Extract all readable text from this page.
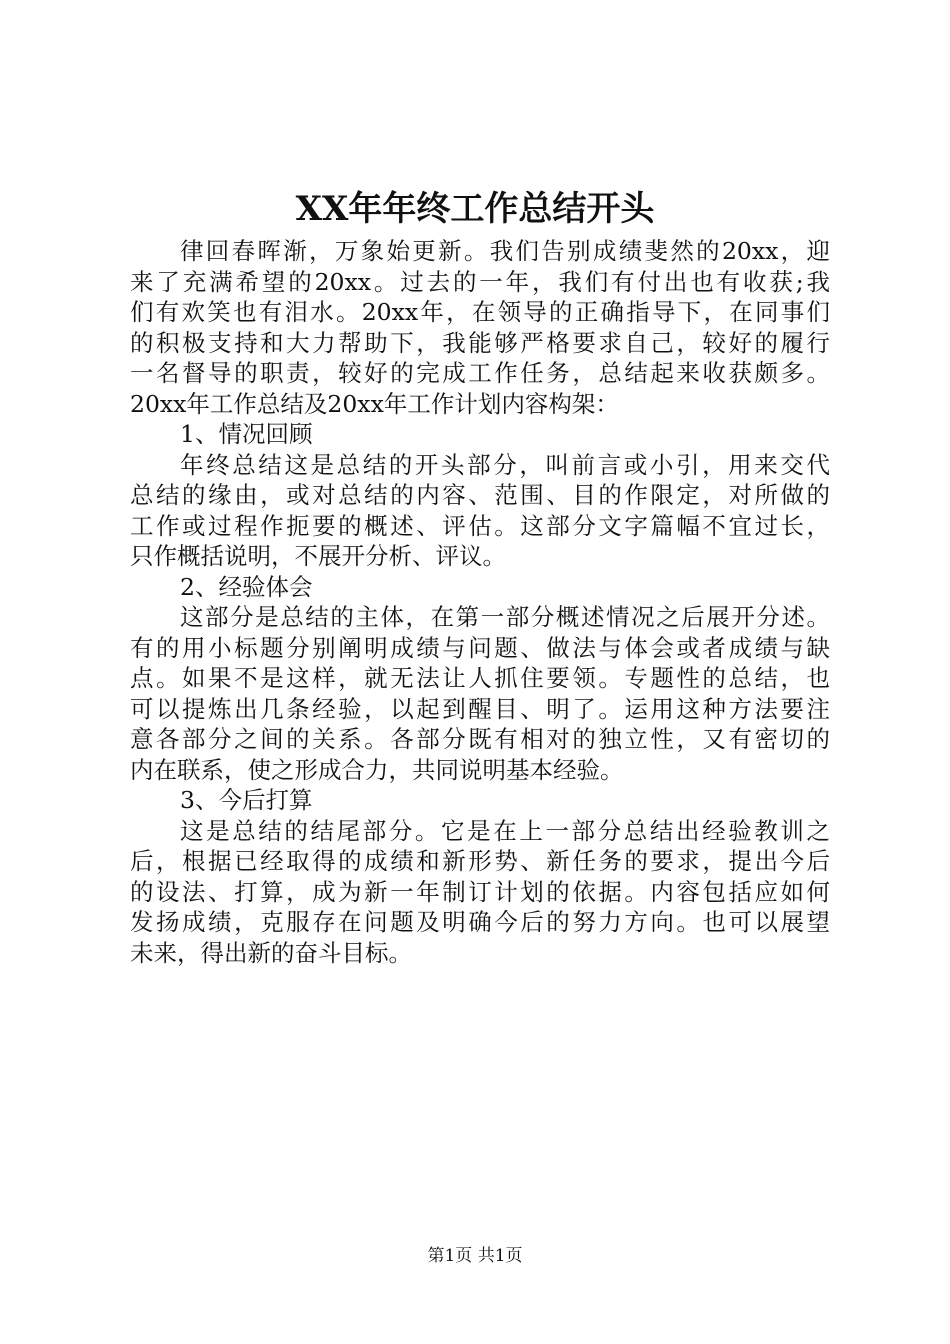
XX年年终工作总结开头
律回春晖渐，万象始更新。我们告别成绩斐然的20xx，迎
来了充满希望的20xx。过去的一年，我们有付出也有收获;我
们有欢笑也有泪水。20xx年，在领导的正确指导下，在同事们
的积极支持和大力帮助下，我能够严格要求自己，较好的履行
一名督导的职责，较好的完成工作任务，总结起来收获颇多。
20xx年工作总结及20xx年工作计划内容构架：
1、情况回顾
年终总结这是总结的开头部分，叫前言或小引，用来交代
总结的缘由，或对总结的内容、范围、目的作限定，对所做的
工作或过程作扼要的概述、评估。这部分文字篇幅不宜过长，
只作概括说明，不展开分析、评议。
2、经验体会
这部分是总结的主体，在第一部分概述情况之后展开分述。
有的用小标题分别阐明成绩与问题、做法与体会或者成绩与缺
点。如果不是这样，就无法让人抓住要领。专题性的总结，也
可以提炼出几条经验，以起到醒目、明了。运用这种方法要注
意各部分之间的关系。各部分既有相对的独立性，又有密切的
内在联系，使之形成合力，共同说明基本经验。
3、今后打算
这是总结的结尾部分。它是在上一部分总结出经验教训之
后，根据已经取得的成绩和新形势、新任务的要求，提出今后
的设法、打算，成为新一年制订计划的依据。内容包括应如何
发扬成绩，克服存在问题及明确今后的努力方向。也可以展望
未来，得出新的奋斗目标。
第1页 共1页
